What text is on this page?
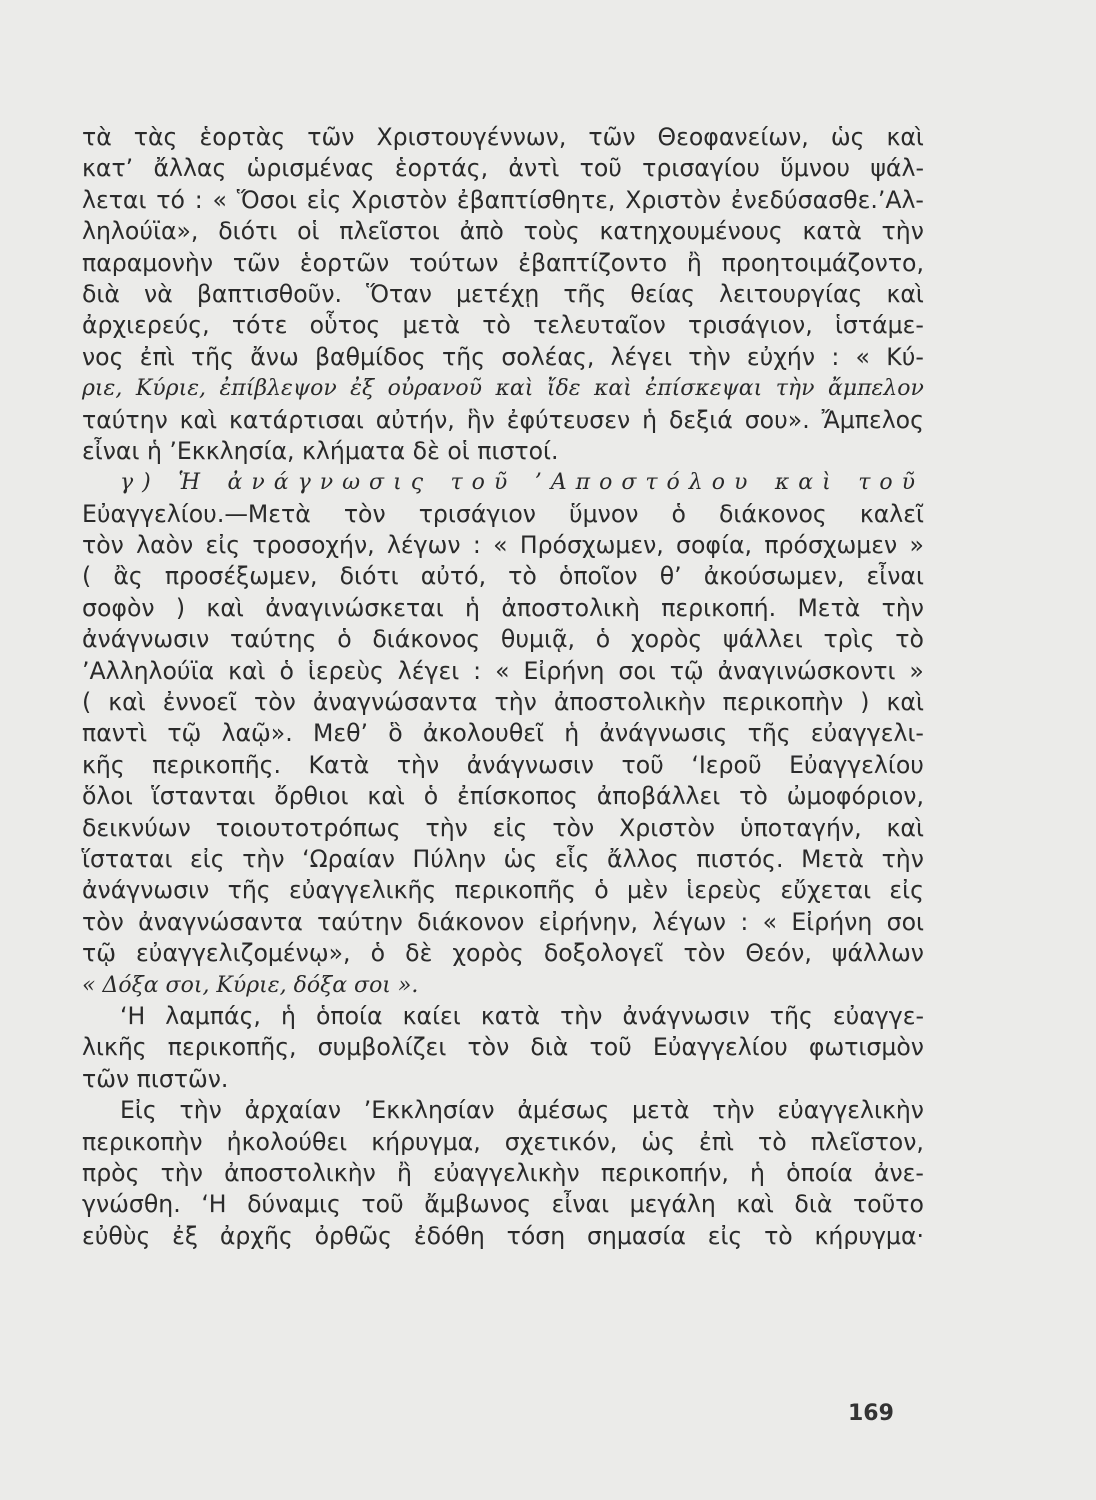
τὰ τὰς ἑορτὰς τῶν Χριστουγέννων, τῶν Θεοφανείων, ὡς καὶ
κατ’ ἄλλας ὡρισμένας ἑορτάς, ἀντὶ τοῦ τρισαγίου ὕμνου ψάλ-
λεται τό : « Ὅσοι εἰς Χριστὸν ἐβαπτίσθητε, Χριστὸν ἐνεδύσασθε.’Αλ-
ληλούϊα», διότι οἱ πλεῖστοι ἀπὸ τοὺς κατηχουμένους κατὰ τὴν
παραμονὴν τῶν ἑορτῶν τούτων ἐβαπτίζοντο ἢ προητοιμάζοντο,
διὰ νὰ βαπτισθοῦν. Ὅταν μετέχῃ τῆς θείας λειτουργίας καὶ
ἀρχιερεύς, τότε οὗτος μετὰ τὸ τελευταῖον τρισάγιον, ἱστάμε-
νος ἐπὶ τῆς ἄνω βαθμίδος τῆς σολέας, λέγει τὴν εὐχήν : « Κύ-
ριε, Κύριε, ἐπίβλεψον ἐξ οὐρανοῦ καὶ ἴδε καὶ ἐπίσκεψαι τὴν ἄμπελον
ταύτην καὶ κατάρτισαι αὐτήν, ἣν ἐφύτευσεν ἡ δεξιά σου». Ἄμπελος
εἶναι ἡ ’Εκκλησία, κλήματα δὲ οἱ πιστοί.
γ) Ἡ ἀνάγνωσις τοῦ ’Αποστόλου καὶ τοῦ
Εὐαγγελίου.—Μετὰ τὸν τρισάγιον ὕμνον ὁ διάκονος καλεῖ
τὸν λαὸν εἰς τροσοχήν, λέγων : « Πρόσχωμεν, σοφία, πρόσχωμεν »
( ἂς προσέξωμεν, διότι αὐτό, τὸ ὁποῖον θ’ ἀκούσωμεν, εἶναι
σοφὸν ) καὶ ἀναγινώσκεται ἡ ἀποστολικὴ περικοπή. Μετὰ τὴν
ἀνάγνωσιν ταύτης ὁ διάκονος θυμιᾷ, ὁ χορὸς ψάλλει τρὶς τὸ
’Αλληλούϊα καὶ ὁ ἱερεὺς λέγει : « Εἰρήνη σοι τῷ ἀναγινώσκοντι »
( καὶ ἐννοεῖ τὸν ἀναγνώσαντα τὴν ἀποστολικὴν περικοπὴν ) καὶ
παντὶ τῷ λαῷ». Μεθ’ ὃ ἀκολουθεῖ ἡ ἀνάγνωσις τῆς εὐαγγελι-
κῆς περικοπῆς. Κατὰ τὴν ἀνάγνωσιν τοῦ ‘Ιεροῦ Εὐαγγελίου
ὅλοι ἵστανται ὄρθιοι καὶ ὁ ἐπίσκοπος ἀποβάλλει τὸ ὠμοφόριον,
δεικνύων τοιουτοτρόπως τὴν εἰς τὸν Χριστὸν ὑποταγήν, καὶ
ἵσταται εἰς τὴν ‘Ωραίαν Πύλην ὡς εἷς ἄλλος πιστός. Μετὰ τὴν
ἀνάγνωσιν τῆς εὐαγγελικῆς περικοπῆς ὁ μὲν ἱερεὺς εὔχεται εἰς
τὸν ἀναγνώσαντα ταύτην διάκονον εἰρήνην, λέγων : « Εἰρήνη σοι
τῷ εὐαγγελιζομένῳ», ὁ δὲ χορὸς δοξολογεῖ τὸν Θεόν, ψάλλων
« Δόξα σοι, Κύριε, δόξα σοι ».
‘Η λαμπάς, ἡ ὁποία καίει κατὰ τὴν ἀνάγνωσιν τῆς εὐαγγε-
λικῆς περικοπῆς, συμβολίζει τὸν διὰ τοῦ Εὐαγγελίου φωτισμὸν
τῶν πιστῶν.
Εἰς τὴν ἀρχαίαν ’Εκκλησίαν ἀμέσως μετὰ τὴν εὐαγγελικὴν
περικοπὴν ἠκολούθει κήρυγμα, σχετικόν, ὡς ἐπὶ τὸ πλεῖστον,
πρὸς τὴν ἀποστολικὴν ἢ εὐαγγελικὴν περικοπήν, ἡ ὁποία ἀνε-
γνώσθη. ‘Η δύναμις τοῦ ἄμβωνος εἶναι μεγάλη καὶ διὰ τοῦτο
εὐθὺς ἐξ ἀρχῆς ὀρθῶς ἐδόθη τόση σημασία εἰς τὸ κήρυγμα·
169
